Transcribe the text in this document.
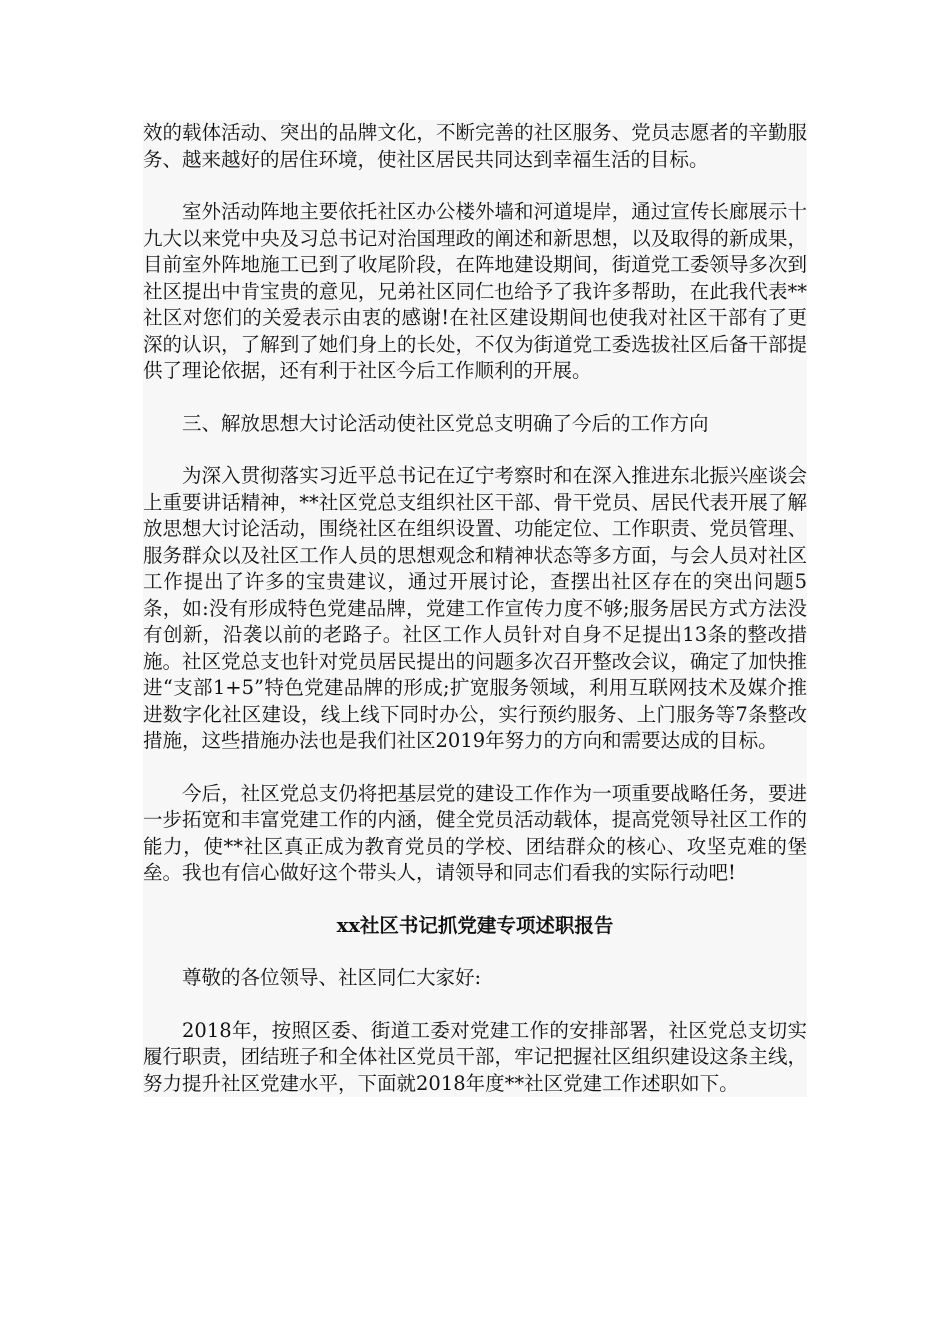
效的载体活动、突出的品牌文化，不断完善的社区服务、党员志愿者的辛勤服务、越来越好的居住环境，使社区居民共同达到幸福生活的目标。

室外活动阵地主要依托社区办公楼外墙和河道堤岸，通过宣传长廊展示十九大以来党中央及习总书记对治国理政的阐述和新思想，以及取得的新成果，目前室外阵地施工已到了收尾阶段，在阵地建设期间，街道党工委领导多次到社区提出中肯宝贵的意见，兄弟社区同仁也给予了我许多帮助，在此我代表**社区对您们的关爱表示由衷的感谢!在社区建设期间也使我对社区干部有了更深的认识，了解到了她们身上的长处，不仅为街道党工委选拔社区后备干部提供了理论依据，还有利于社区今后工作顺利的开展。

三、解放思想大讨论活动使社区党总支明确了今后的工作方向

为深入贯彻落实习近平总书记在辽宁考察时和在深入推进东北振兴座谈会上重要讲话精神，**社区党总支组织社区干部、骨干党员、居民代表开展了解放思想大讨论活动，围绕社区在组织设置、功能定位、工作职责、党员管理、服务群众以及社区工作人员的思想观念和精神状态等多方面，与会人员对社区工作提出了许多的宝贵建议，通过开展讨论，查摆出社区存在的突出问题5条，如:没有形成特色党建品牌，党建工作宣传力度不够;服务居民方式方法没有创新，沿袭以前的老路子。社区工作人员针对自身不足提出13条的整改措施。社区党总支也针对党员居民提出的问题多次召开整改会议，确定了加快推进“支部1+5”特色党建品牌的形成;扩宽服务领域，利用互联网技术及媒介推进数字化社区建设，线上线下同时办公，实行预约服务、上门服务等7条整改措施，这些措施办法也是我们社区2019年努力的方向和需要达成的目标。

今后，社区党总支仍将把基层党的建设工作作为一项重要战略任务，要进一步拓宽和丰富党建工作的内涵，健全党员活动载体，提高党领导社区工作的能力，使**社区真正成为教育党员的学校、团结群众的核心、攻坚克难的堡垒。我也有信心做好这个带头人，请领导和同志们看我的实际行动吧!

xx社区书记抓党建专项述职报告

尊敬的各位领导、社区同仁大家好:

2018年，按照区委、街道工委对党建工作的安排部署，社区党总支切实履行职责，团结班子和全体社区党员干部，牢记把握社区组织建设这条主线，努力提升社区党建水平，下面就2018年度**社区党建工作述职如下。
